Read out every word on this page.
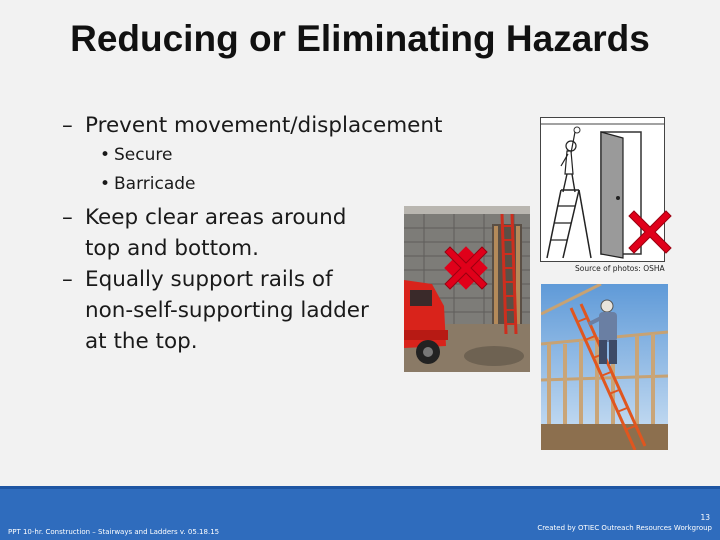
Reducing or Eliminating Hazards
– Prevent movement/displacement
• Secure
• Barricade
– Keep clear areas around top and bottom.
– Equally support rails of non-self-supporting ladder at the top.
Source of photos: OSHA
13
PPT 10-hr. Construction – Stairways and Ladders v. 05.18.15	Created by OTIEC Outreach Resources Workgroup
